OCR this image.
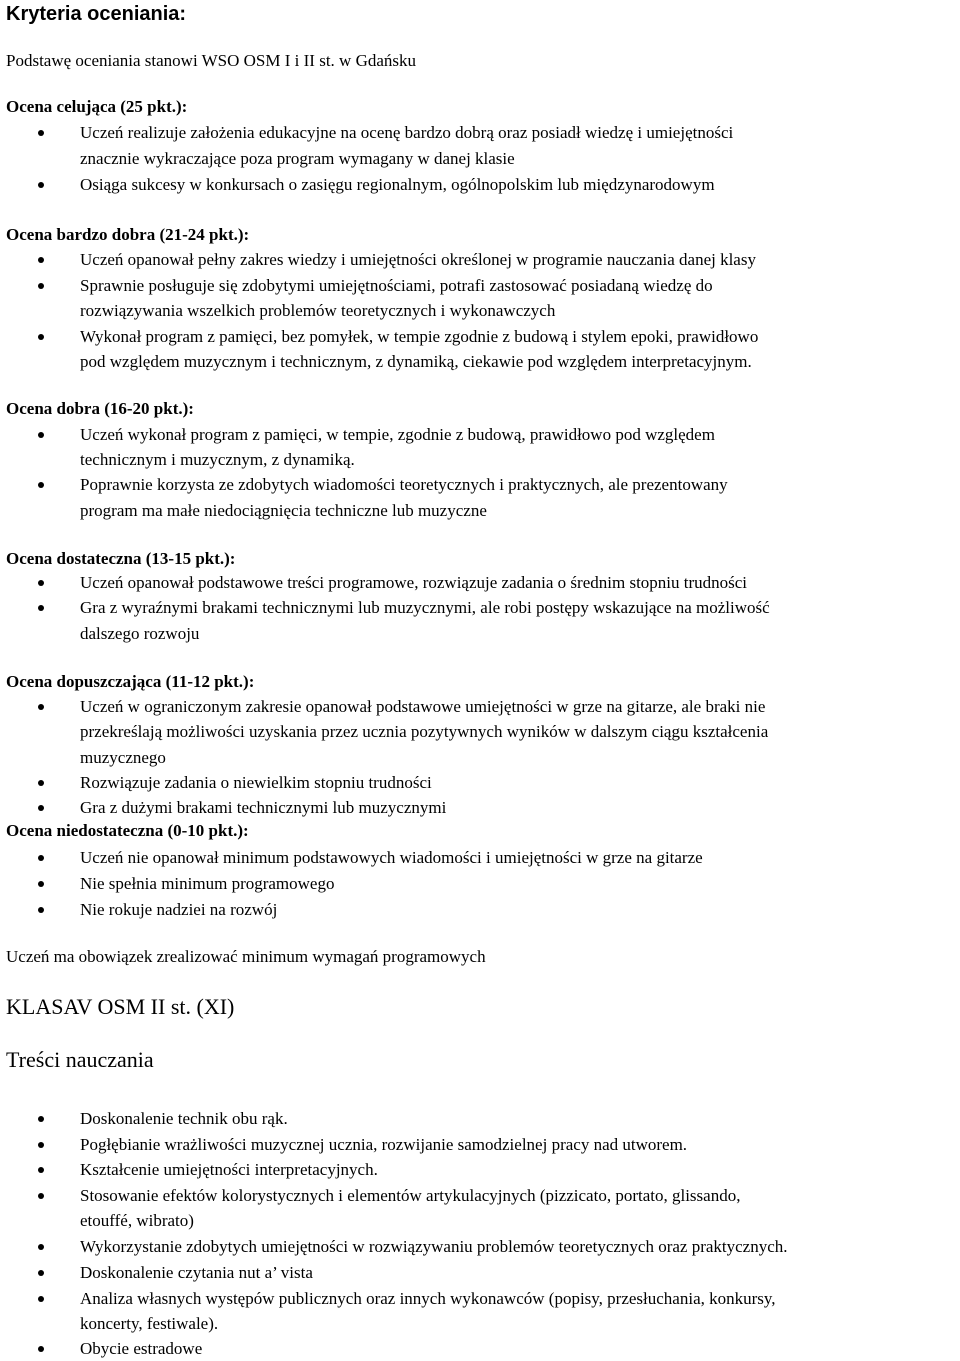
Kryteria oceniania:
Podstawę oceniania stanowi WSO OSM I i II st. w Gdańsku
Ocena celująca (25 pkt.):
Uczeń realizuje założenia edukacyjne na ocenę bardzo dobrą oraz posiadł wiedzę i umiejętności
znacznie wykraczające poza program wymagany w danej klasie
Osiąga sukcesy w konkursach o zasięgu regionalnym, ogólnopolskim lub międzynarodowym
Ocena bardzo dobra (21-24 pkt.):
Uczeń opanował pełny zakres wiedzy i umiejętności określonej w programie nauczania danej klasy
Sprawnie posługuje się zdobytymi umiejętnościami, potrafi zastosować posiadaną wiedzę do
rozwiązywania wszelkich problemów teoretycznych i wykonawczych
Wykonał program z pamięci, bez pomyłek, w tempie zgodnie z budową i stylem epoki, prawidłowo
pod względem muzycznym i technicznym, z dynamiką, ciekawie pod względem interpretacyjnym.
Ocena dobra (16-20 pkt.):
Uczeń wykonał program z pamięci, w tempie, zgodnie z budową, prawidłowo pod względem
technicznym i muzycznym, z dynamiką.
Poprawnie korzysta ze zdobytych wiadomości teoretycznych i praktycznych, ale prezentowany
program ma małe niedociągnięcia techniczne lub muzyczne
Ocena dostateczna (13-15 pkt.):
Uczeń opanował podstawowe treści programowe, rozwiązuje zadania o średnim stopniu trudności
Gra z wyraźnymi brakami technicznymi lub muzycznymi, ale robi postępy wskazujące na możliwość
dalszego rozwoju
Ocena dopuszczająca (11-12 pkt.):
Uczeń w ograniczonym zakresie opanował podstawowe umiejętności w grze na gitarze, ale braki nie
przekreślają możliwości uzyskania przez ucznia pozytywnych wyników w dalszym ciągu kształcenia
muzycznego
Rozwiązuje zadania o niewielkim stopniu trudności
Gra z dużymi brakami technicznymi lub muzycznymi
Ocena niedostateczna (0-10 pkt.):
Uczeń nie opanował minimum podstawowych wiadomości i umiejętności w grze na gitarze
Nie spełnia minimum programowego
Nie rokuje nadziei na rozwój
Uczeń ma obowiązek zrealizować minimum wymagań programowych
KLASAV OSM II st. (XI)
Treści nauczania
Doskonalenie technik obu rąk.
Pogłębianie wrażliwości muzycznej ucznia, rozwijanie samodzielnej pracy nad utworem.
Kształcenie umiejętności interpretacyjnych.
Stosowanie efektów kolorystycznych i elementów artykulacyjnych (pizzicato, portato, glissando,
etouffé, wibrato)
Wykorzystanie zdobytych umiejętności w rozwiązywaniu problemów teoretycznych oraz praktycznych.
Doskonalenie czytania nut a’ vista
Analiza własnych występów publicznych oraz innych wykonawców (popisy, przesłuchania, konkursy,
koncerty, festiwale).
Obycie estradowe
